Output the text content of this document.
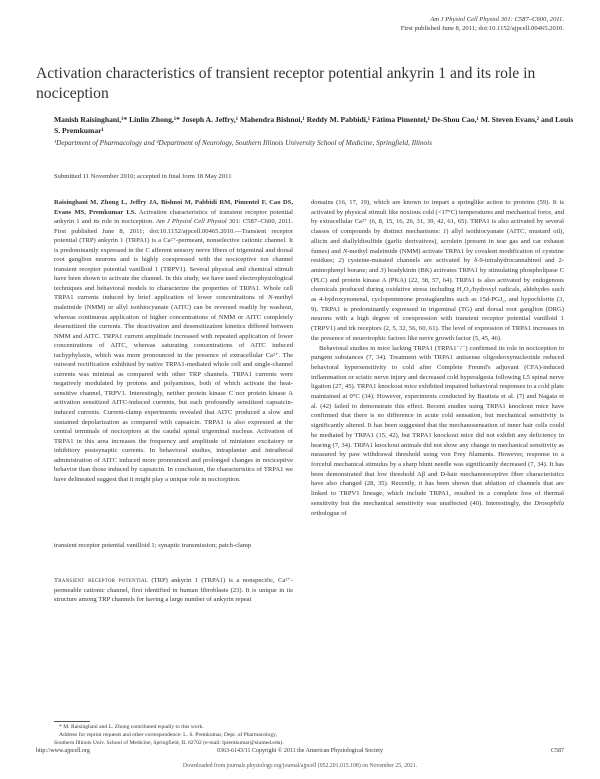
Am J Physiol Cell Physiol 301: C587–C600, 2011.
First published June 8, 2011; doi:10.1152/ajpcell.00465.2010.
Activation characteristics of transient receptor potential ankyrin 1 and its role in nociception
Manish Raisinghani,¹* Linlin Zhong,¹* Joseph A. Jeffry,¹ Mahendra Bishnoi,¹ Reddy M. Pabbidi,¹ Fátima Pimentel,¹ De-Shou Cao,¹ M. Steven Evans,² and Louis S. Premkumar¹
¹Department of Pharmacology and ²Department of Neurology, Southern Illinois University School of Medicine, Springfield, Illinois
Submitted 11 November 2010; accepted in final form 18 May 2011
Raisinghani M, Zhong L, Jeffry JA, Bishnoi M, Pabbidi RM, Pimentel F, Cao DS, Evans MS, Premkumar LS. Activation characteristics of transient receptor potential ankyrin 1 and its role in nociception. Am J Physiol Cell Physiol 301: C587–C600, 2011. First published June 8, 2011; doi:10.1152/ajpcell.00465.2010.—Transient receptor potential (TRP) ankyrin 1 (TRPA1) is a Ca²⁺-permeant, nonselective cationic channel. It is predominantly expressed in the C afferent sensory nerve fibers of trigeminal and dorsal root ganglion neurons and is highly coexpressed with the nociceptive ion channel transient receptor potential vanilloid 1 (TRPV1). Several physical and chemical stimuli have been shown to activate the channel. In this study, we have used electrophysiological techniques and behavioral models to characterize the properties of TRPA1. Whole cell TRPA1 currents induced by brief application of lower concentrations of N-methyl maleimide (NMM) or allyl isothiocyanate (AITC) can be reversed readily by washout, whereas continuous application of higher concentrations of NMM or AITC completely desensitized the currents. The deactivation and desensitization kinetics differed between NMM and AITC. TRPA1 current amplitude increased with repeated application of lower concentrations of AITC, whereas saturating concentrations of AITC induced tachyphylaxis, which was more pronounced in the presence of extracellular Ca²⁺. The outward rectification exhibited by native TRPA1-mediated whole cell and single-channel currents was minimal as compared with other TRP channels. TRPA1 currents were negatively modulated by protons and polyamines, both of which activate the heat-sensitive channel, TRPV1. Interestingly, neither protein kinase C nor protein kinase A activation sensitized AITC-induced currents, but each profoundly sensitized capsaicin-induced currents. Current-clamp experiments revealed that AITC produced a slow and sustained depolarization as compared with capsaicin. TRPA1 is also expressed at the central terminals of nociceptors at the caudal spinal trigeminal nucleus. Activation of TRPA1 in this area increases the frequency and amplitude of miniature excitatory or inhibitory postsynaptic currents. In behavioral studies, intraplantar and intrathecal administration of AITC induced more pronounced and prolonged changes in nociceptive behavior than those induced by capsaicin. In conclusion, the characteristics of TRPA1 we have delineated suggest that it might play a unique role in nociception.
transient receptor potential vanilloid 1; synaptic transmission; patch-clamp
Transient receptor potential (TRP) ankyrin 1 (TRPA1) is a nonspecific, Ca²⁺-permeable cationic channel, first identified in human fibroblasts (23). It is unique in its structure among TRP channels for having a large number of ankyrin repeat
* M. Raisinghani and L. Zhong contributed equally to this work.
Address for reprint requests and other correspondence: L. S. Premkumar, Dept. of Pharmacology, Southern Illinois Univ. School of Medicine, Springfield, IL 62702 (e-mail: lpremkumar@siumed.edu).
domains (16, 17, 19), which are known to impart a springlike action to proteins (59). It is activated by physical stimuli like noxious cold (<17°C) temperatures and mechanical force, and by extracellular Ca²⁺ (6, 8, 15, 16, 26, 31, 39, 42, 61, 65). TRPA1 is also activated by several classes of compounds by distinct mechanisms: 1) allyl isothiocyanate (AITC, mustard oil), allicin and diallyldisulfide (garlic derivatives), acrolein (present in tear gas and car exhaust fumes) and N-methyl maleimide (NMM) activate TRPA1 by covalent modification of cysteine residues; 2) cysteine-mutated channels are activated by δ-9-tetrahydrocannabinol and 2-aminophenyl borane; and 3) bradykinin (BK) activates TRPA1 by stimulating phospholipase C (PLC) and protein kinase A (PKA) (22, 38, 57, 64). TRPA1 is also activated by endogenous chemicals produced during oxidative stress including H₂O₂/hydroxyl radicals, aldehydes such as 4-hydroxynonenal, cyclopentenone prostaglandins such as 15d-PGJ₂, and hypochlorite (3, 9). TRPA1 is predominantly expressed in trigeminal (TG) and dorsal root ganglion (DRG) neurons with a high degree of coexpression with transient receptor potential vanilloid 1 (TRPV1) and trk receptors (2, 5, 32, 56, 60, 61). The level of expression of TRPA1 increases in the presence of neurotrophic factors like nerve growth factor (5, 45, 46).
Behavioral studies in mice lacking TRPA1 (TRPA1⁻/⁻) confirmed its role in nociception to pungent substances (7, 34). Treatment with TRPA1 antisense oligodeoxynucleotide reduced behavioral hypersensitivity to cold after Complete Freund's adjuvant (CFA)-induced inflammation or sciatic nerve injury and decreased cold hyperalgesia following L5 spinal nerve ligation (27, 45). TRPA1 knockout mice exhibited impaired behavioral responses to a cold plate maintained at 0°C (34). However, experiments conducted by Bautista et al. (7) and Nagata et al. (42) failed to demonstrate this effect. Recent studies using TRPA1 knockout mice have confirmed that there is no difference in acute cold sensation, but mechanical sensitivity is significantly altered. It has been suggested that the mechanosensation of inner hair cells could be mediated by TRPA1 (15, 42), but TRPA1 knockout mice did not exhibit any deficiency in hearing (7, 34). TRPA1 knockout animals did not show any change in mechanical sensitivity as measured by paw withdrawal threshold using von Frey filaments. However, response to a forceful mechanical stimulus by a sharp blunt needle was significantly decreased (7, 34). It has been demonstrated that low threshold Aβ and D-hair mechanoreceptive fiber characteristics have also changed (28, 35). Recently, it has been shown that ablation of channels that are linked to TRPV1 lineage, which include TRPA1, resulted in a complete loss of thermal sensitivity but the mechanical sensitivity was unaffected (40). Interestingly, the Drosophila orthologue of
http://www.ajpcell.org	0363-6143/11 Copyright © 2011 the American Physiological Society	C587
Downloaded from journals.physiology.org/journal/ajpcell (052.201.015.108) on November 25, 2021.
